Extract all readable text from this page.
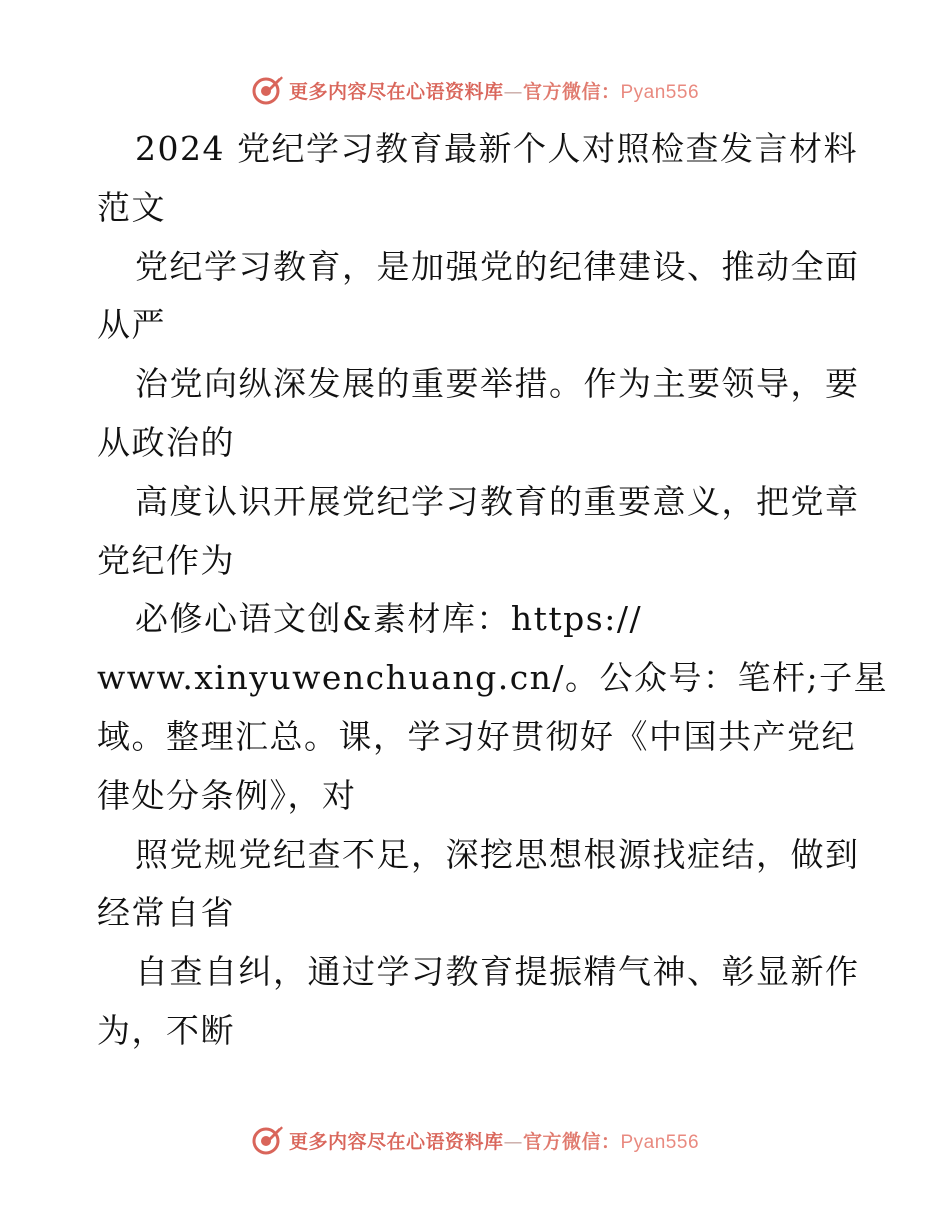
更多内容尽在心语资料库—官方微信：Pyan556
2024 党纪学习教育最新个人对照检查发言材料
范文
党纪学习教育，是加强党的纪律建设、推动全面
从严
治党向纵深发展的重要举措。作为主要领导，要
从政治的
高度认识开展党纪学习教育的重要意义，把党章
党纪作为
必修心语文创&素材库：https://
www.xinyuwenchuang.cn/。公众号：笔杆;子星
域。整理汇总。课，学习好贯彻好《中国共产党纪
律处分条例》，对
照党规党纪查不足，深挖思想根源找症结，做到
经常自省
自查自纠，通过学习教育提振精气神、彰显新作
为，不断
更多内容尽在心语资料库—官方微信：Pyan556
